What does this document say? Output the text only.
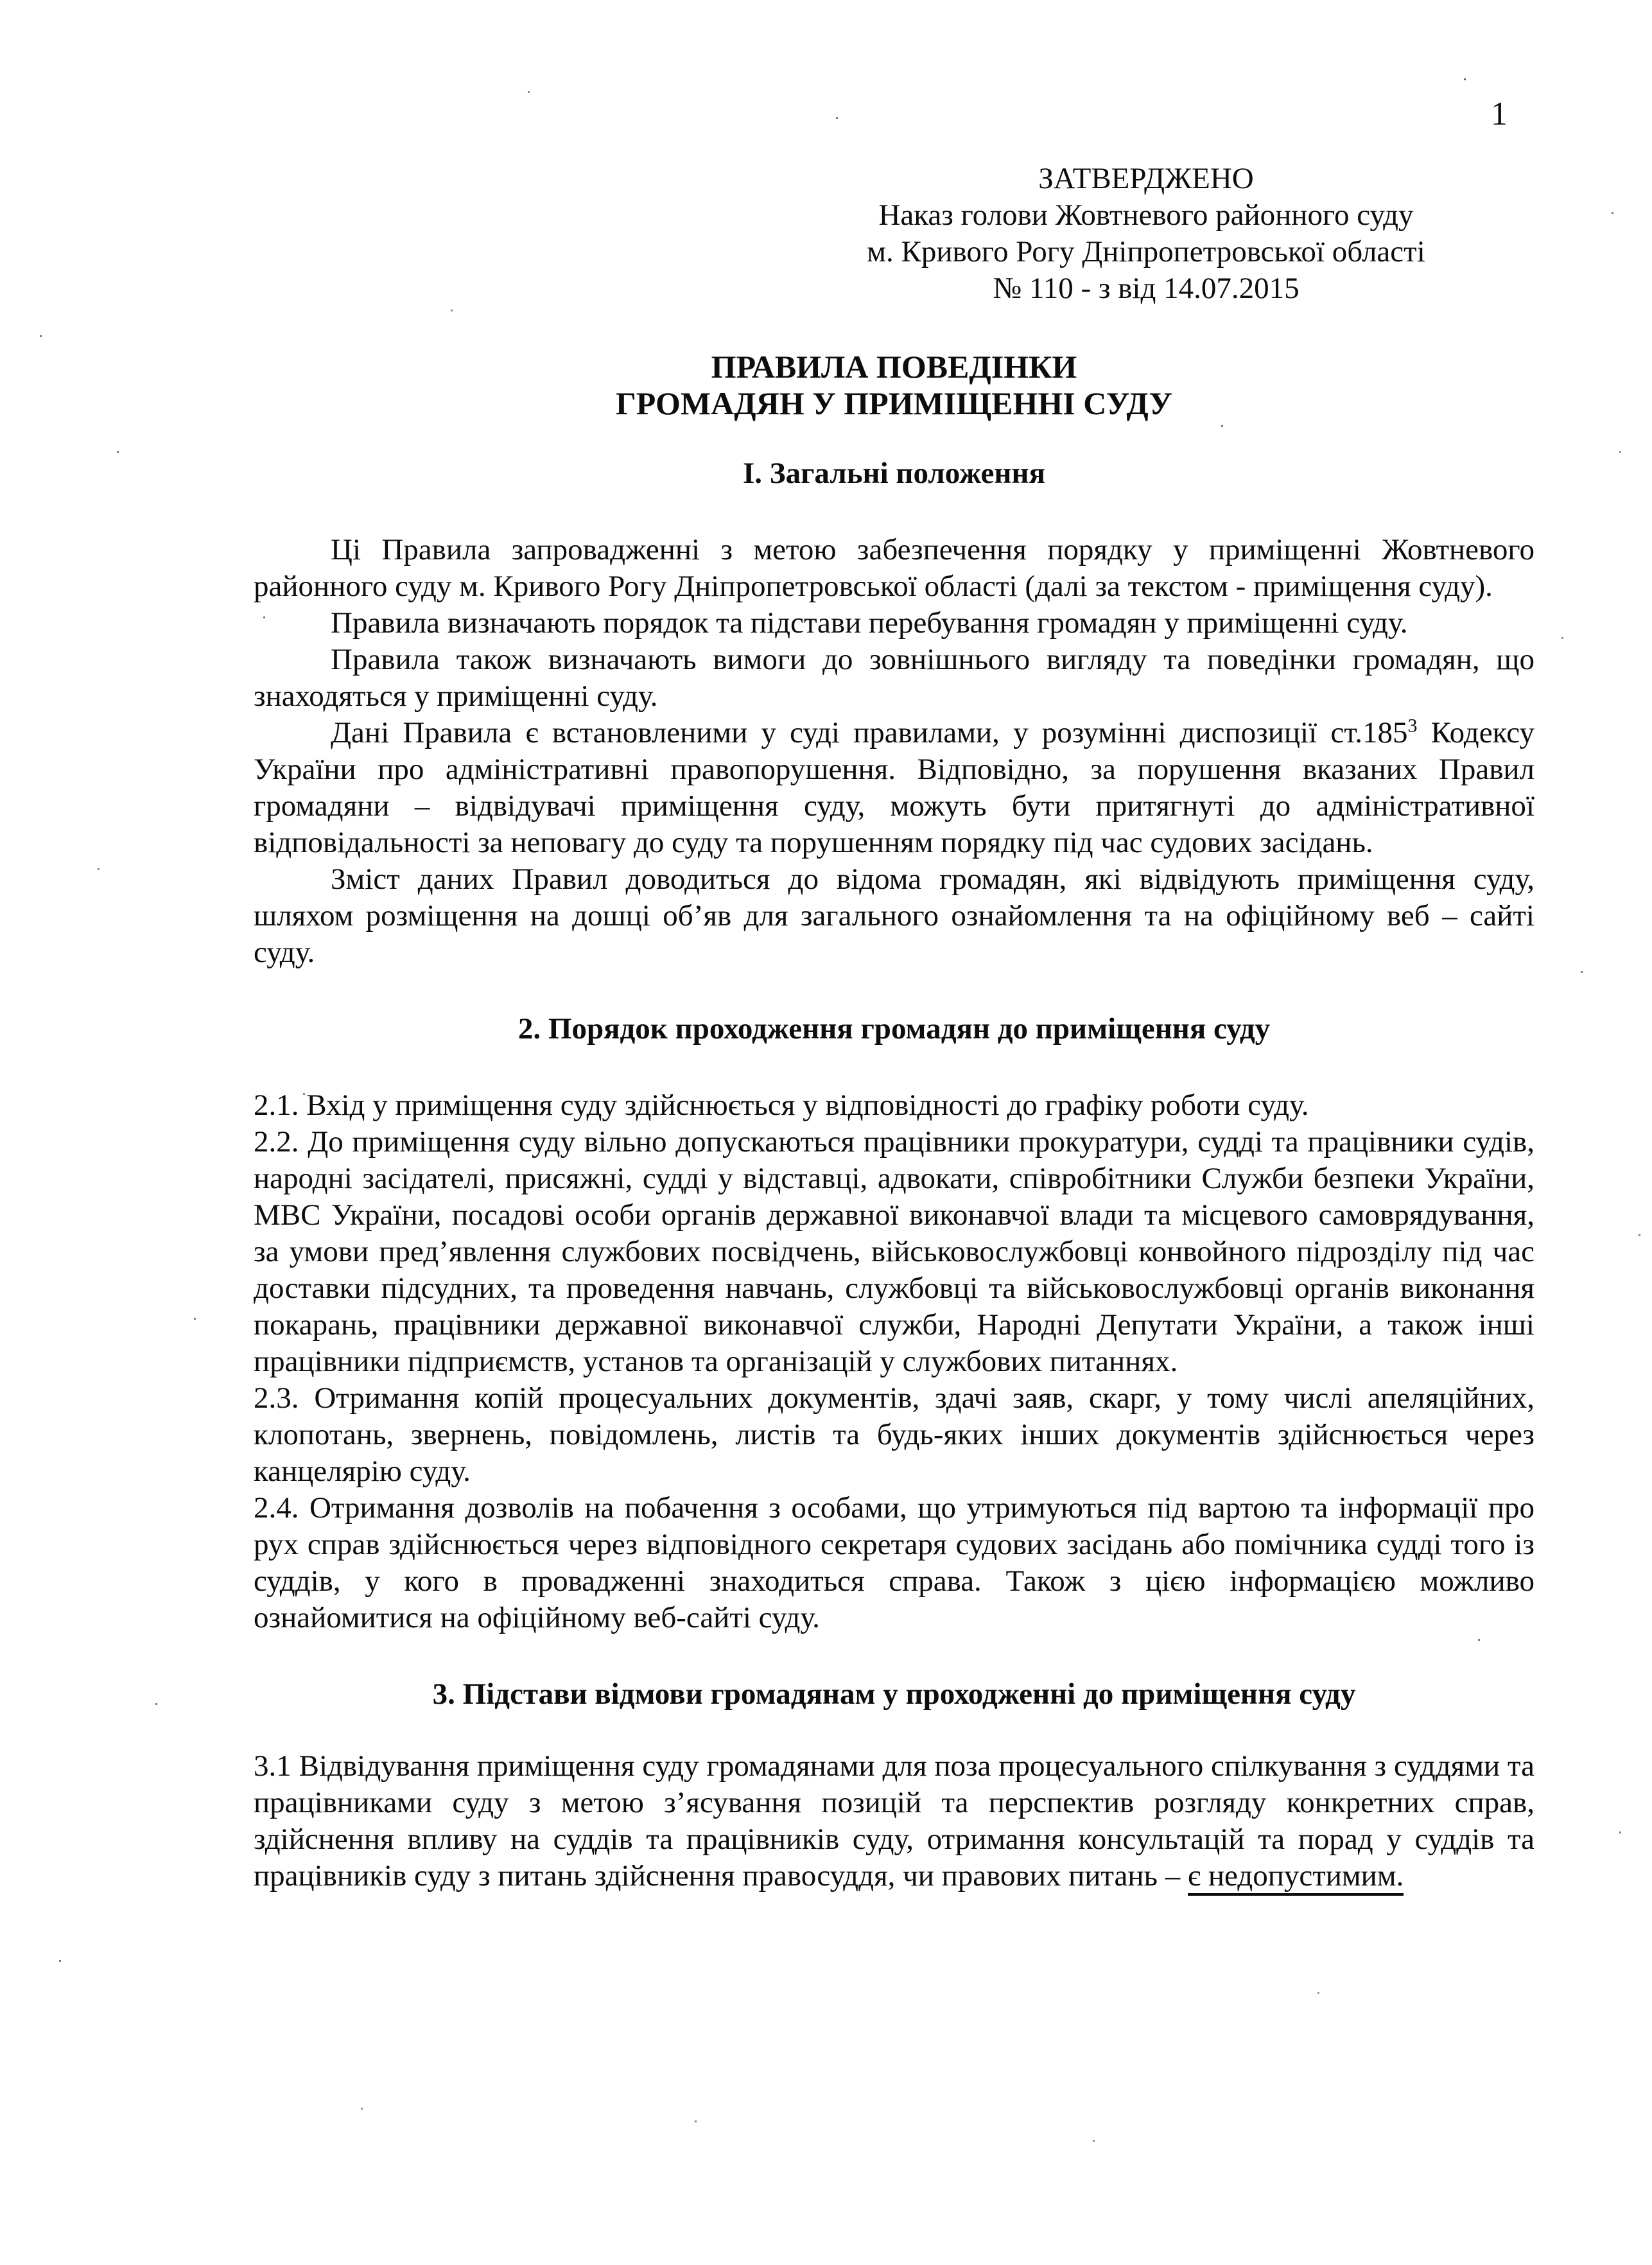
1
ЗАТВЕРДЖЕНО
Наказ голови Жовтневого районного суду
м. Кривого Рогу Дніпропетровської області
№ 110 - з від 14.07.2015
ПРАВИЛА ПОВЕДІНКИ
ГРОМАДЯН У ПРИМІЩЕННІ СУДУ
І. Загальні положення

Ці Правила запровадженні з метою забезпечення порядку у приміщенні Жовтневого районного суду м. Кривого Рогу Дніпропетровської області (далі за текстом - приміщення суду).

Правила визначають порядок та підстави перебування громадян у приміщенні суду.

Правила також визначають вимоги до зовнішнього вигляду та поведінки громадян, що знаходяться у приміщенні суду.

Дані Правила є встановленими у суді правилами, у розумінні диспозиції ст.185$^3$ Кодексу України про адміністративні правопорушення. Відповідно, за порушення вказаних Правил громадяни – відвідувачі приміщення суду, можуть бути притягнуті до адміністративної відповідальності за неповагу до суду та порушенням порядку під час судових засідань.

Зміст даних Правил доводиться до відома громадян, які відвідують приміщення суду, шляхом розміщення на дошці об’яв для загального ознайомлення та на офіційному веб – сайті суду.

2. Порядок проходження громадян до приміщення суду

2.1. Вхід у приміщення суду здійснюється у відповідності до графіку роботи суду.

2.2. До приміщення суду вільно допускаються працівники прокуратури, судді та працівники судів, народні засідателі, присяжні, судді у відставці, адвокати, співробітники Служби безпеки України, МВС України, посадові особи органів державної виконавчої влади та місцевого самоврядування, за умови пред’явлення службових посвідчень, військовослужбовці конвойного підрозділу під час доставки підсудних, та проведення навчань, службовці та військовослужбовці органів виконання покарань, працівники державної виконавчої служби, Народні Депутати України, а також інші працівники підприємств, установ та організацій у службових питаннях.

2.3. Отримання копій процесуальних документів, здачі заяв, скарг, у тому числі апеляційних, клопотань, звернень, повідомлень, листів та будь-яких інших документів здійснюється через канцелярію суду.

2.4. Отримання дозволів на побачення з особами, що утримуються під вартою та інформації про рух справ здійснюється через відповідного секретаря судових засідань або помічника судді того із суддів, у кого в провадженні знаходиться справа. Також з цією інформацією можливо ознайомитися на офіційному веб-сайті суду.

3. Підстави відмови громадянам у проходженні до приміщення суду

3.1 Відвідування приміщення суду громадянами для поза процесуального спілкування з суддями та працівниками суду з метою з’ясування позицій та перспектив розгляду конкретних справ, здійснення впливу на суддів та працівників суду, отримання консультацій та порад у суддів та працівників суду з питань здійснення правосуддя, чи правових питань – є недопустимим.
